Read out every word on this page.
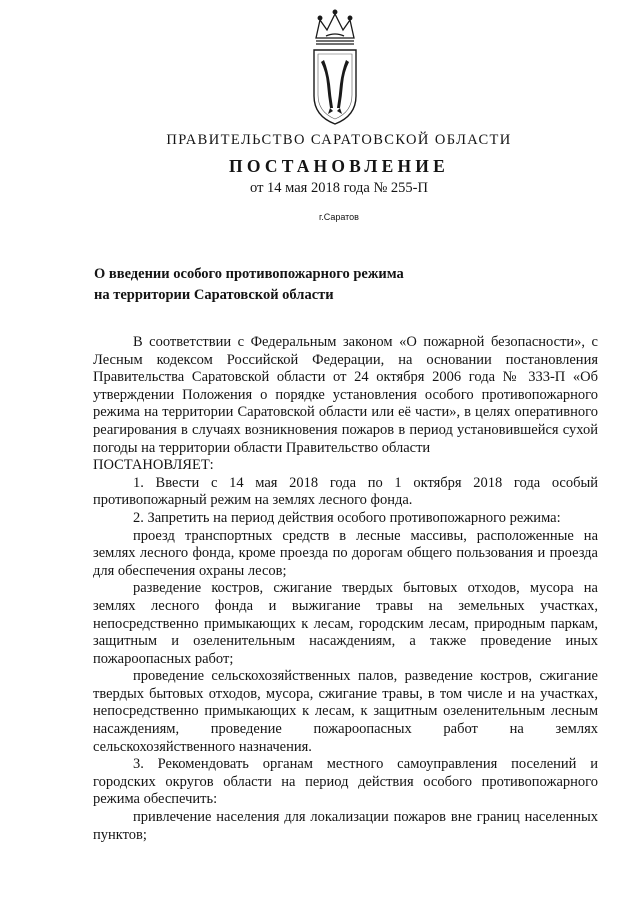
ПРАВИТЕЛЬСТВО САРАТОВСКОЙ ОБЛАСТИ
ПОСТАНОВЛЕНИЕ
от 14 мая 2018 года № 255-П
г.Саратов
О введении особого противопожарного режима
на территории Саратовской области

В соответствии с Федеральным законом «О пожарной безопасности», с Лесным кодексом Российской Федерации, на основании постановления Правительства Саратовской области от 24 октября 2006 года № 333-П «Об утверждении Положения о порядке установления особого противопожарного режима на территории Саратовской области или её части», в целях оперативного реагирования в случаях возникновения пожаров в период установившейся сухой погоды на территории области Правительство области

ПОСТАНОВЛЯЕТ:

1. Ввести с 14 мая 2018 года по 1 октября 2018 года особый противопожарный режим на землях лесного фонда.

2. Запретить на период действия особого противопожарного режима:

проезд транспортных средств в лесные массивы, расположенные на землях лесного фонда, кроме проезда по дорогам общего пользования и проезда для обеспечения охраны лесов;

разведение костров, сжигание твердых бытовых отходов, мусора на землях лесного фонда и выжигание травы на земельных участках, непосредственно примыкающих к лесам, городским лесам, природным паркам, защитным и озеленительным насаждениям, а также проведение иных пожароопасных работ;

проведение сельскохозяйственных палов, разведение костров, сжигание твердых бытовых отходов, мусора, сжигание травы, в том числе и на участках, непосредственно примыкающих к лесам, к защитным озеленительным лесным насаждениям, проведение пожароопасных работ на землях сельскохозяйственного назначения.

3. Рекомендовать органам местного самоуправления поселений и городских округов области на период действия особого противопожарного режима обеспечить:

привлечение населения для локализации пожаров вне границ населенных пунктов;
